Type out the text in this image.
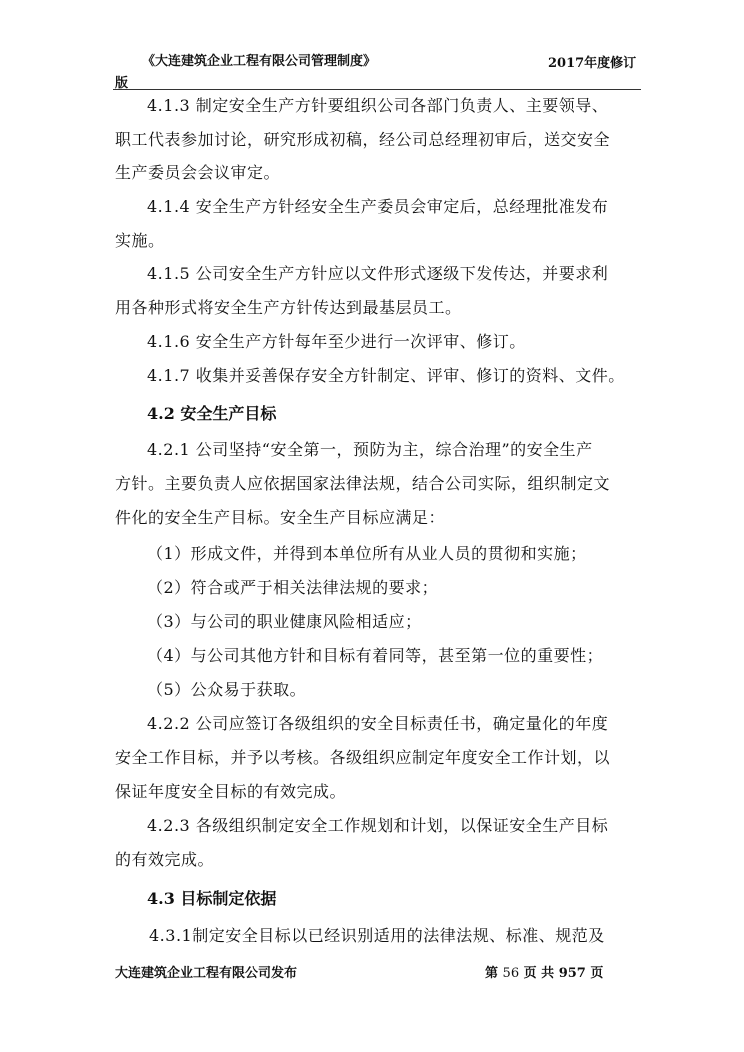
《大连建筑企业工程有限公司管理制度》	2017年度修订
版
4.1.3 制定安全生产方针要组织公司各部门负责人、主要领导、
职工代表参加讨论，研究形成初稿，经公司总经理初审后，送交安全
生产委员会会议审定。
4.1.4 安全生产方针经安全生产委员会审定后，总经理批准发布
实施。
4.1.5 公司安全生产方针应以文件形式逐级下发传达，并要求利
用各种形式将安全生产方针传达到最基层员工。
4.1.6 安全生产方针每年至少进行一次评审、修订。
4.1.7 收集并妥善保存安全方针制定、评审、修订的资料、文件。
4.2 安全生产目标
4.2.1 公司坚持“安全第一，预防为主，综合治理”的安全生产
方针。主要负责人应依据国家法律法规，结合公司实际，组织制定文
件化的安全生产目标。安全生产目标应满足：
（1）形成文件，并得到本单位所有从业人员的贯彻和实施；
（2）符合或严于相关法律法规的要求；
（3）与公司的职业健康风险相适应；
（4）与公司其他方针和目标有着同等，甚至第一位的重要性；
（5）公众易于获取。
4.2.2 公司应签订各级组织的安全目标责任书，确定量化的年度
安全工作目标，并予以考核。各级组织应制定年度安全工作计划，以
保证年度安全目标的有效完成。
4.2.3 各级组织制定安全工作规划和计划，以保证安全生产目标
的有效完成。
4.3 目标制定依据
4.3.1制定安全目标以已经识别适用的法律法规、标准、规范及
大连建筑企业工程有限公司发布	第 56 页 共 957 页
